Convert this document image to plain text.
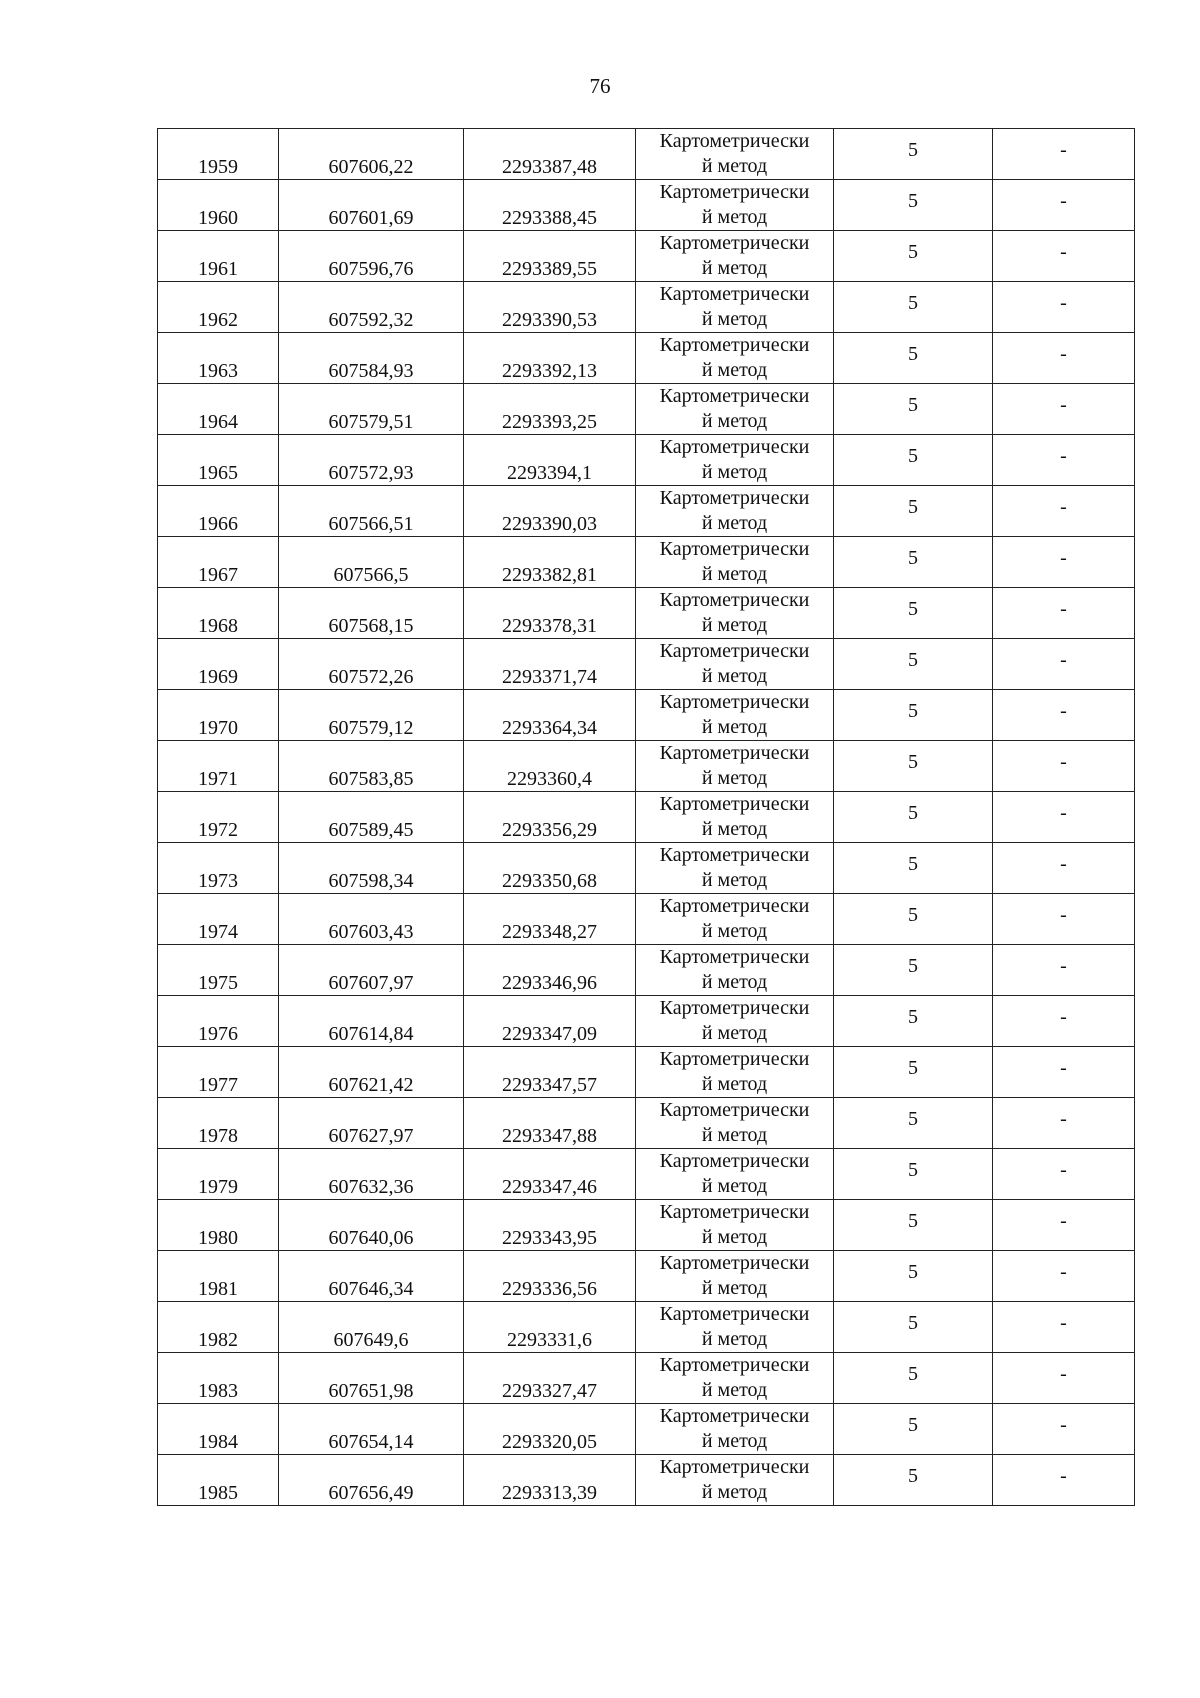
76
1959	607606,22	2293387,48	Картометрически
й метод	5	-

1960	607601,69	2293388,45	Картометрически
й метод	5	-

1961	607596,76	2293389,55	Картометрически
й метод	5	-

1962	607592,32	2293390,53	Картометрически
й метод	5	-

1963	607584,93	2293392,13	Картометрически
й метод	5	-

1964	607579,51	2293393,25	Картометрически
й метод	5	-

1965	607572,93	2293394,1	Картометрически
й метод	5	-

1966	607566,51	2293390,03	Картометрически
й метод	5	-

1967	607566,5	2293382,81	Картометрически
й метод	5	-

1968	607568,15	2293378,31	Картометрически
й метод	5	-

1969	607572,26	2293371,74	Картометрически
й метод	5	-

1970	607579,12	2293364,34	Картометрически
й метод	5	-

1971	607583,85	2293360,4	Картометрически
й метод	5	-

1972	607589,45	2293356,29	Картометрически
й метод	5	-

1973	607598,34	2293350,68	Картометрически
й метод	5	-

1974	607603,43	2293348,27	Картометрически
й метод	5	-

1975	607607,97	2293346,96	Картометрически
й метод	5	-

1976	607614,84	2293347,09	Картометрически
й метод	5	-

1977	607621,42	2293347,57	Картометрически
й метод	5	-

1978	607627,97	2293347,88	Картометрически
й метод	5	-

1979	607632,36	2293347,46	Картометрически
й метод	5	-

1980	607640,06	2293343,95	Картометрически
й метод	5	-

1981	607646,34	2293336,56	Картометрически
й метод	5	-

1982	607649,6	2293331,6	Картометрически
й метод	5	-

1983	607651,98	2293327,47	Картометрически
й метод	5	-

1984	607654,14	2293320,05	Картометрически
й метод	5	-

1985	607656,49	2293313,39	Картометрически
й метод	5	-
